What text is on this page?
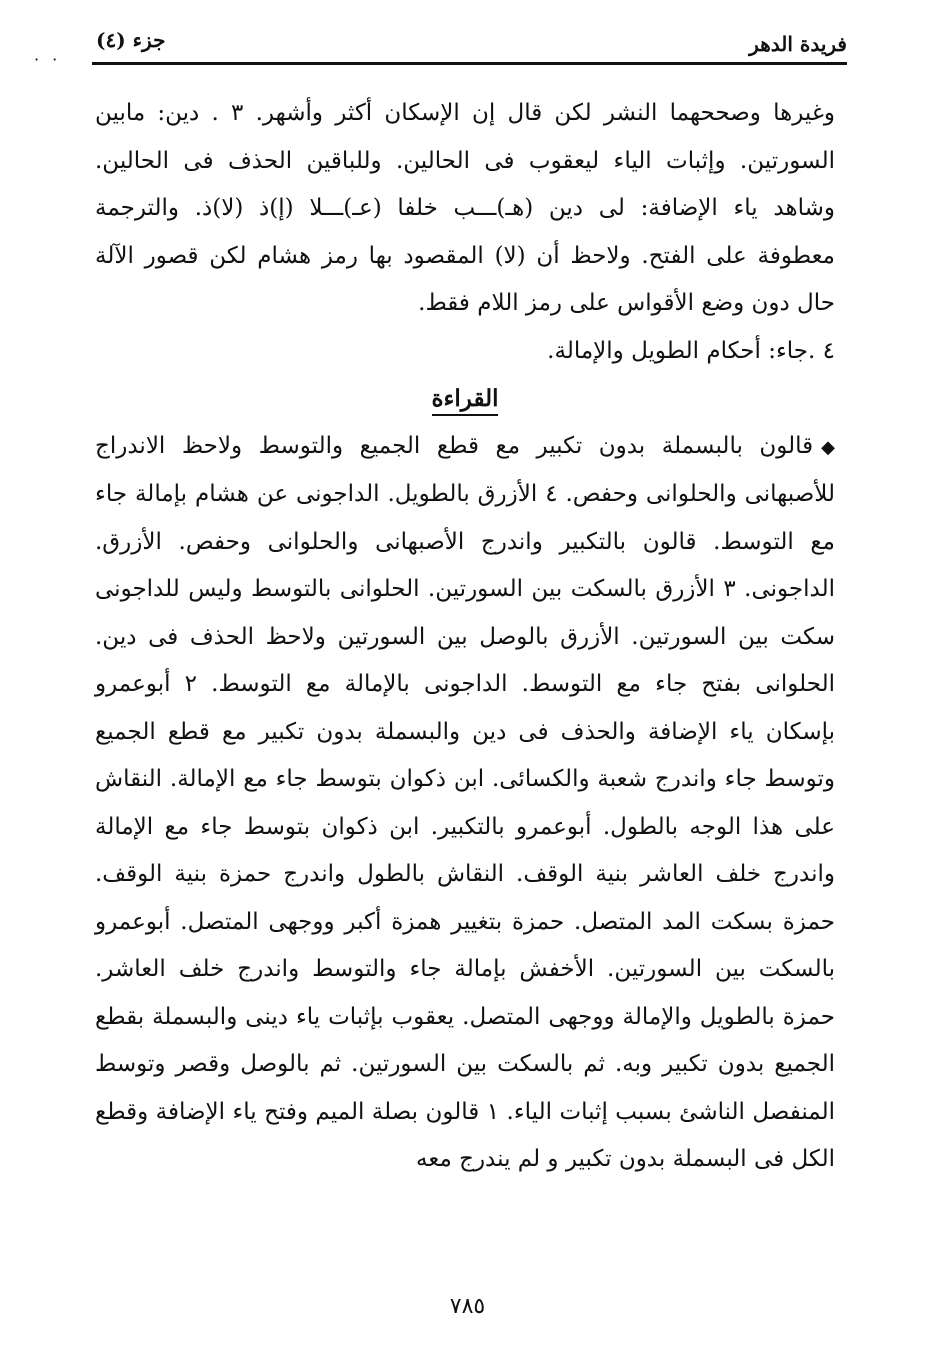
فريدة الدهر
جزء (٤)
· ·

وغيرها وصححهما النشر لكن قال إن الإسكان أكثر وأشهر. ٣ . دين: مابين السورتين. وإثبات الياء ليعقوب فى الحالين. وللباقين الحذف فى الحالين. وشاهد ياء الإضافة: لى دين (هـ)ـــب خلفا (عـ)ـــلا (إ)ذ (لا)ذ. والترجمة معطوفة على الفتح. ولاحظ أن (لا) المقصود بها رمز هشام لكن قصور الآلة حال دون وضع الأقواس على رمز اللام فقط.

٤ .جاء: أحكام الطويل والإمالة.

القراءة

◆قالون بالبسملة بدون تكبير مع قطع الجميع والتوسط ولاحظ الاندراج للأصبهانى والحلوانى وحفص. ٤ الأزرق بالطويل. الداجونى عن هشام بإمالة جاء مع التوسط. قالون بالتكبير واندرج الأصبهانى والحلوانى وحفص. الأزرق. الداجونى. ٣ الأزرق بالسكت بين السورتين. الحلوانى بالتوسط وليس للداجونى سكت بين السورتين. الأزرق بالوصل بين السورتين ولاحظ الحذف فى دين. الحلوانى بفتح جاء مع التوسط. الداجونى بالإمالة مع التوسط. ٢ أبوعمرو بإسكان ياء الإضافة والحذف فى دين والبسملة بدون تكبير مع قطع الجميع وتوسط جاء واندرج شعبة والكسائى. ابن ذكوان بتوسط جاء مع الإمالة. النقاش على هذا الوجه بالطول. أبوعمرو بالتكبير. ابن ذكوان بتوسط جاء مع الإمالة واندرج خلف العاشر بنية الوقف. النقاش بالطول واندرج حمزة بنية الوقف. حمزة بسكت المد المتصل. حمزة بتغيير همزة أكبر ووجهى المتصل. أبوعمرو بالسكت بين السورتين. الأخفش بإمالة جاء والتوسط واندرج خلف العاشر. حمزة بالطويل والإمالة ووجهى المتصل. يعقوب بإثبات ياء دينى والبسملة بقطع الجميع بدون تكبير وبه. ثم بالسكت بين السورتين. ثم بالوصل وقصر وتوسط المنفصل الناشئ بسبب إثبات الياء. ١ قالون بصلة الميم وفتح ياء الإضافة وقطع الكل فى البسملة بدون تكبير و لم يندرج معه

٧٨٥
